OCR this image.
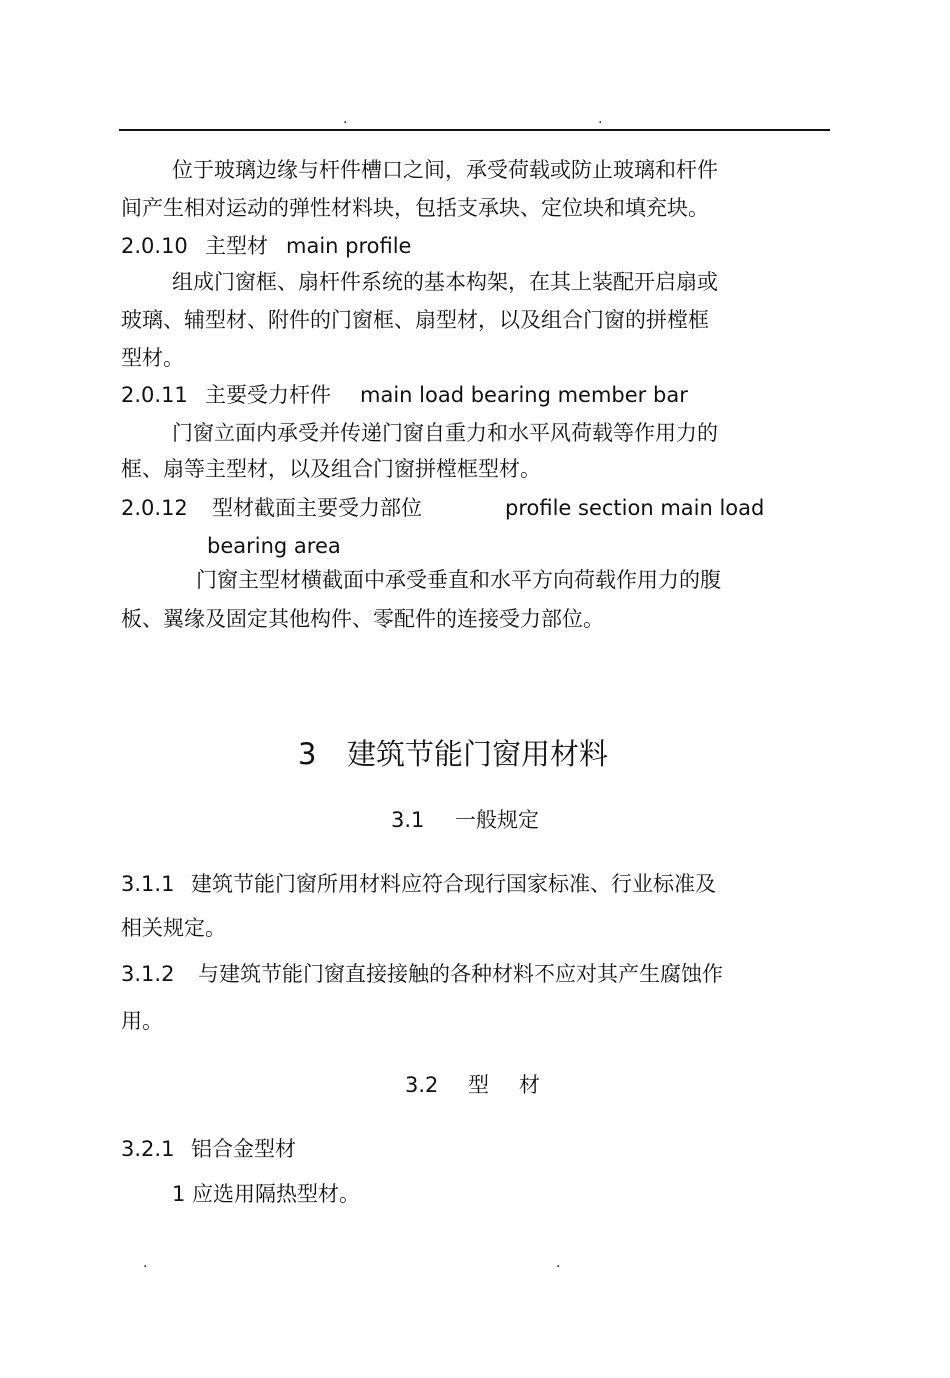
.	.
位于玻璃边缘与杆件槽口之间，承受荷载或防止玻璃和杆件
间产生相对运动的弹性材料块，包括支承块、定位块和填充块。
2.0.10 主型材 main profile
组成门窗框、扇杆件系统的基本构架，在其上装配开启扇或
玻璃、辅型材、附件的门窗框、扇型材，以及组合门窗的拼樘框
型材。
2.0.11 主要受力杆件 main load bearing member bar
门窗立面内承受并传递门窗自重力和水平风荷载等作用力的
框、扇等主型材，以及组合门窗拼樘框型材。
2.0.12 型材截面主要受力部位	profile section main load
bearing area
门窗主型材横截面中承受垂直和水平方向荷载作用力的腹
板、翼缘及固定其他构件、零配件的连接受力部位。
3 建筑节能门窗用材料
3.1 一般规定
3.1.1 建筑节能门窗所用材料应符合现行国家标准、行业标准及
相关规定。
3.1.2 与建筑节能门窗直接接触的各种材料不应对其产生腐蚀作
用。
3.2 型 材
3.2.1 铝合金型材
1 应选用隔热型材。
.	.
